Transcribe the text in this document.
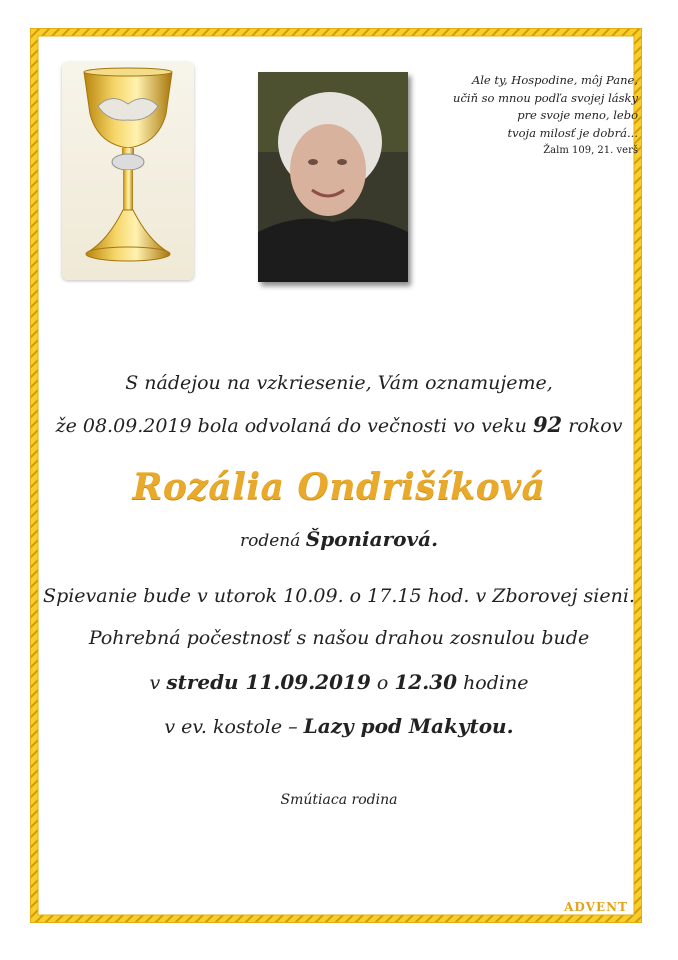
Ale ty, Hospodine, môj Pane,
učiň so mnou podľa svojej lásky
pre svoje meno, lebo
tvoja milosť je dobrá...
Žalm 109, 21. verš
S nádejou na vzkriesenie, Vám oznamujeme,
že 08.09.2019 bola odvolaná do večnosti vo veku 92 rokov
Rozália Ondrišíková
rodená Šponiarová.
Spievanie bude v utorok 10.09. o 17.15 hod. v Zborovej sieni.
Pohrebná počestnosť s našou drahou zosnulou bude
v stredu 11.09.2019 o 12.30 hodine
v ev. kostole – Lazy pod Makytou.
Smútiaca rodina
ADVENT
